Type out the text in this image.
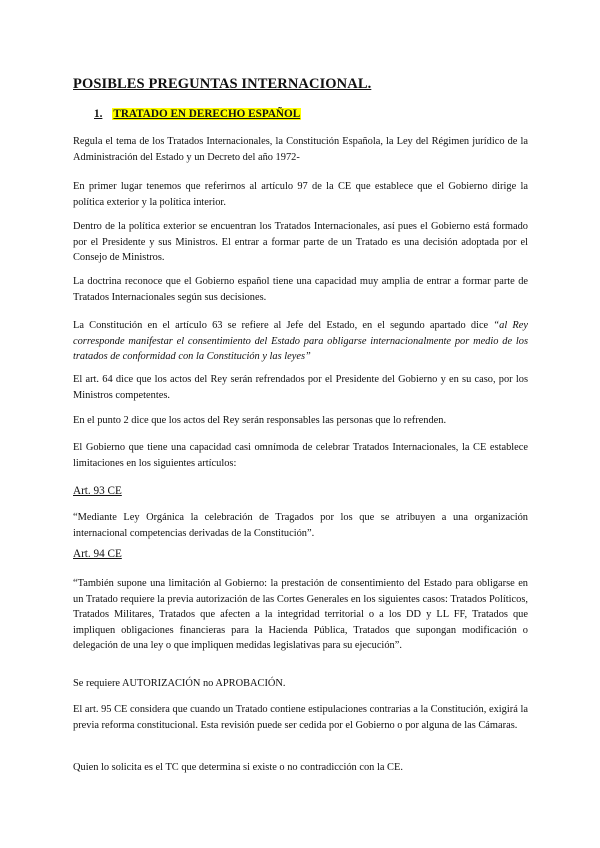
POSIBLES PREGUNTAS INTERNACIONAL.
1. TRATADO EN DERECHO ESPAÑOL

Regula el tema de los Tratados Internacionales, la Constitución Española, la Ley del Régimen jurídico de la Administración del Estado y un Decreto del año 1972-

En primer lugar tenemos que referirnos al artículo 97 de la CE que establece que el Gobierno dirige la política exterior y la política interior.

Dentro de la política exterior se encuentran los Tratados Internacionales, así pues el Gobierno está formado por el Presidente y sus Ministros. El entrar a formar parte de un Tratado es una decisión adoptada por el Consejo de Ministros.

La doctrina reconoce que el Gobierno español tiene una capacidad muy amplia de entrar a formar parte de Tratados Internacionales según sus decisiones.

La Constitución en el artículo 63 se refiere al Jefe del Estado, en el segundo apartado dice “al Rey corresponde manifestar el consentimiento del Estado para obligarse internacionalmente por medio de los tratados de conformidad con la Constitución y las leyes”

El art. 64 dice que los actos del Rey serán refrendados por el Presidente del Gobierno y en su caso, por los Ministros competentes.

En el punto 2 dice que los actos del Rey serán responsables las personas que lo refrenden.

El Gobierno que tiene una capacidad casi omnímoda de celebrar Tratados Internacionales, la CE establece limitaciones en los siguientes artículos:

Art. 93 CE

“Mediante Ley Orgánica la celebración de Tragados por los que se atribuyen a una organización internacional competencias derivadas de la Constitución”.

Art. 94 CE

“También supone una limitación al Gobierno: la prestación de consentimiento del Estado para obligarse en un Tratado requiere la previa autorización de las Cortes Generales en los siguientes casos: Tratados Políticos, Tratados Militares, Tratados que afecten a la integridad territorial o a los DD y LL FF, Tratados que impliquen obligaciones financieras para la Hacienda Pública, Tratados que supongan modificación o delegación de una ley o que impliquen medidas legislativas para su ejecución”.

Se requiere AUTORIZACIÓN no APROBACIÓN.

El art. 95 CE considera que cuando un Tratado contiene estipulaciones contrarias a la Constitución, exigirá la previa reforma constitucional. Esta revisión puede ser cedida por el Gobierno o por alguna de las Cámaras.

Quien lo solicita es el TC que determina si existe o no contradicción con la CE.
